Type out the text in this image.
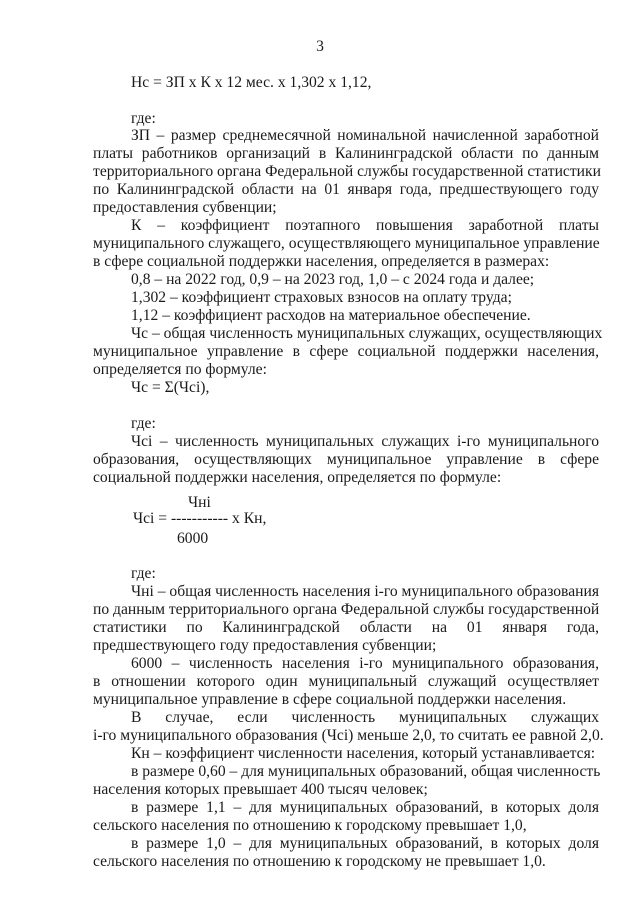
3
Нс = ЗП х К х 12 мес. х 1,302 х 1,12,
где:
ЗП – размер среднемесячной номинальной начисленной заработной
платы работников организаций в Калининградской области по данным
территориального органа Федеральной службы государственной статистики
по Калининградской области на 01 января года, предшествующего году
предоставления субвенции;
К – коэффициент поэтапного повышения заработной платы
муниципального служащего, осуществляющего муниципальное управление
в сфере социальной поддержки населения, определяется в размерах:
0,8 – на 2022 год, 0,9 – на 2023 год, 1,0 – с 2024 года и далее;
1,302 – коэффициент страховых взносов на оплату труда;
1,12 – коэффициент расходов на материальное обеспечение.
Чс – общая численность муниципальных служащих, осуществляющих
муниципальное управление в сфере социальной поддержки населения,
определяется по формуле:
Чс = Σ(Чсi),
где:
Чсi – численность муниципальных служащих i-го муниципального
образования, осуществляющих муниципальное управление в сфере
социальной поддержки населения, определяется по формуле:
Чнi
Чсi = ----------- х Кн,
6000
где:
Чнi – общая численность населения i-го муниципального образования
по данным территориального органа Федеральной службы государственной
статистики по Калининградской области на 01 января года,
предшествующего году предоставления субвенции;
6000 – численность населения i-го муниципального образования,
в отношении которого один муниципальный служащий осуществляет
муниципальное управление в сфере социальной поддержки населения.
В случае, если численность муниципальных служащих
i-го муниципального образования (Чсi) меньше 2,0, то считать ее равной 2,0.
Кн – коэффициент численности населения, который устанавливается:
в размере 0,60 – для муниципальных образований, общая численность
населения которых превышает 400 тысяч человек;
в размере 1,1 – для муниципальных образований, в которых доля
сельского населения по отношению к городскому превышает 1,0,
в размере 1,0 – для муниципальных образований, в которых доля
сельского населения по отношению к городскому не превышает 1,0.
